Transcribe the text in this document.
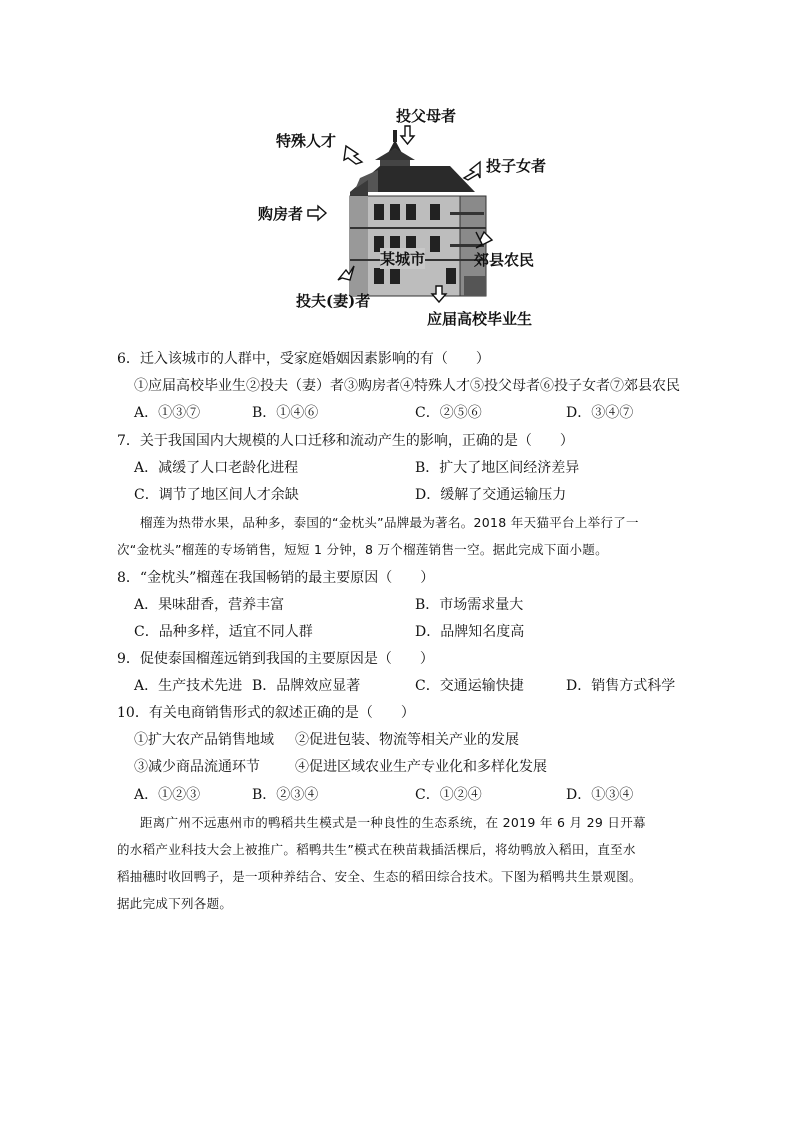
投父母者
特殊人才
投子女者
购房者
某城市	郊县农民
投夫(妻)者
应届高校毕业生
6．迁入该城市的人群中，受家庭婚姻因素影响的有（　　）
①应届高校毕业生②投夫（妻）者③购房者④特殊人才⑤投父母者⑥投子女者⑦郊县农民
A．①③⑦	B．①④⑥	C．②⑤⑥	D．③④⑦
7．关于我国国内大规模的人口迁移和流动产生的影响，正确的是（　　）
A．减缓了人口老龄化进程	B．扩大了地区间经济差异
C．调节了地区间人才余缺	D．缓解了交通运输压力
榴莲为热带水果，品种多，泰国的“金枕头”品牌最为著名。2018 年天猫平台上举行了一
次“金枕头”榴莲的专场销售，短短 1 分钟，8 万个榴莲销售一空。据此完成下面小题。
8．“金枕头”榴莲在我国畅销的最主要原因（　　）
A．果味甜香，营养丰富	B．市场需求量大
C．品种多样，适宜不同人群	D．品牌知名度高
9．促使泰国榴莲远销到我国的主要原因是（　　）
A．生产技术先进 B．品牌效应显著	C．交通运输快捷	D．销售方式科学
10．有关电商销售形式的叙述正确的是（　　）
①扩大农产品销售地域 ②促进包装、物流等相关产业的发展
③减少商品流通环节	④促进区域农业生产专业化和多样化发展
A．①②③	B．②③④	C．①②④	D．①③④
距离广州不远惠州市的鸭稻共生模式是一种良性的生态系统，在 2019 年 6 月 29 日开幕
的水稻产业科技大会上被推广。稻鸭共生”模式在秧苗栽插活棵后，将幼鸭放入稻田，直至水
稻抽穗时收回鸭子，是一项种养结合、安全、生态的稻田综合技术。下图为稻鸭共生景观图。
据此完成下列各题。
